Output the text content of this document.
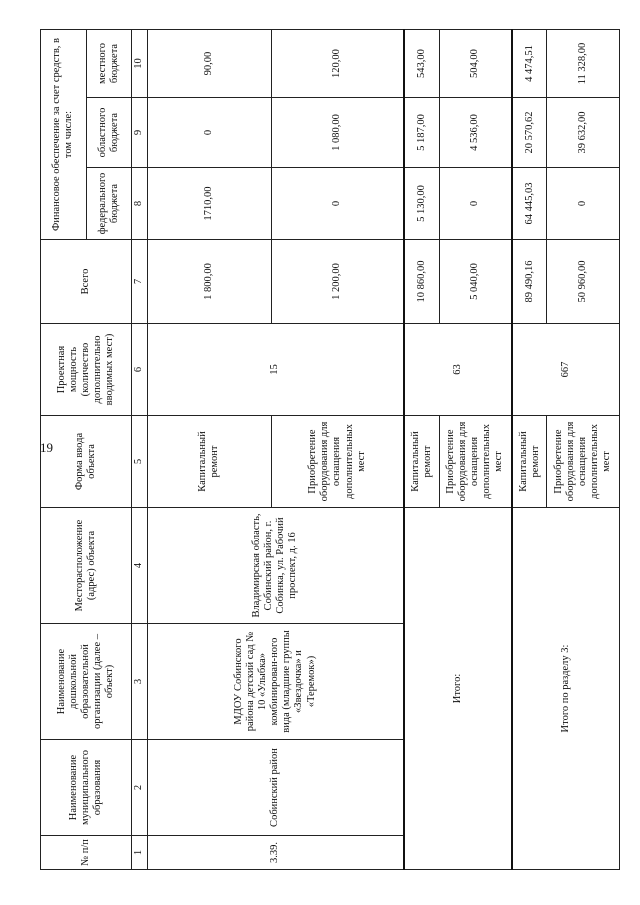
19
№ п/п	Наименование муниципального образования	Наименование дошкольной образовательной организации (далее – объект)	Месторасположение (адрес) объекта	Форма ввода объекта	Проектная мощность (количество дополнительно вводимых мест)	Всего	Финансовое обеспечение за счет средств, в том числе:		
							федерального бюджета	областного бюджета	местного бюджета
1	2	3	4	5	6	7	8	9	10
3.39.	Собинский район	МДОУ Собинского района детский сад № 10 «Улыбка» комбинирован-ного вида (младшие группы «Звездочка» и «Теремок»)	Владимирская область, Собинский район, г. Собинка, ул. Рабочий проспект, д. 16	Капитальный ремонт	15	1 800,00	1710,00	0	90,00
				Приобретение оборудования для оснащения дополнительных мест		1 200,00	0	1 080,00	120,00
Итого:				Капитальный ремонт	63	10 860,00	5 130,00	5 187,00	543,00
				Приобретение оборудования для оснащения дополнительных мест		5 040,00	0	4 536,00	504,00
Итого по разделу 3:				Капитальный ремонт	667	89 490,16	64 445,03	20 570,62	4 474,51
				Приобретение оборудования для оснащения дополнительных мест		50 960,00	0	39 632,00	11 328,00
